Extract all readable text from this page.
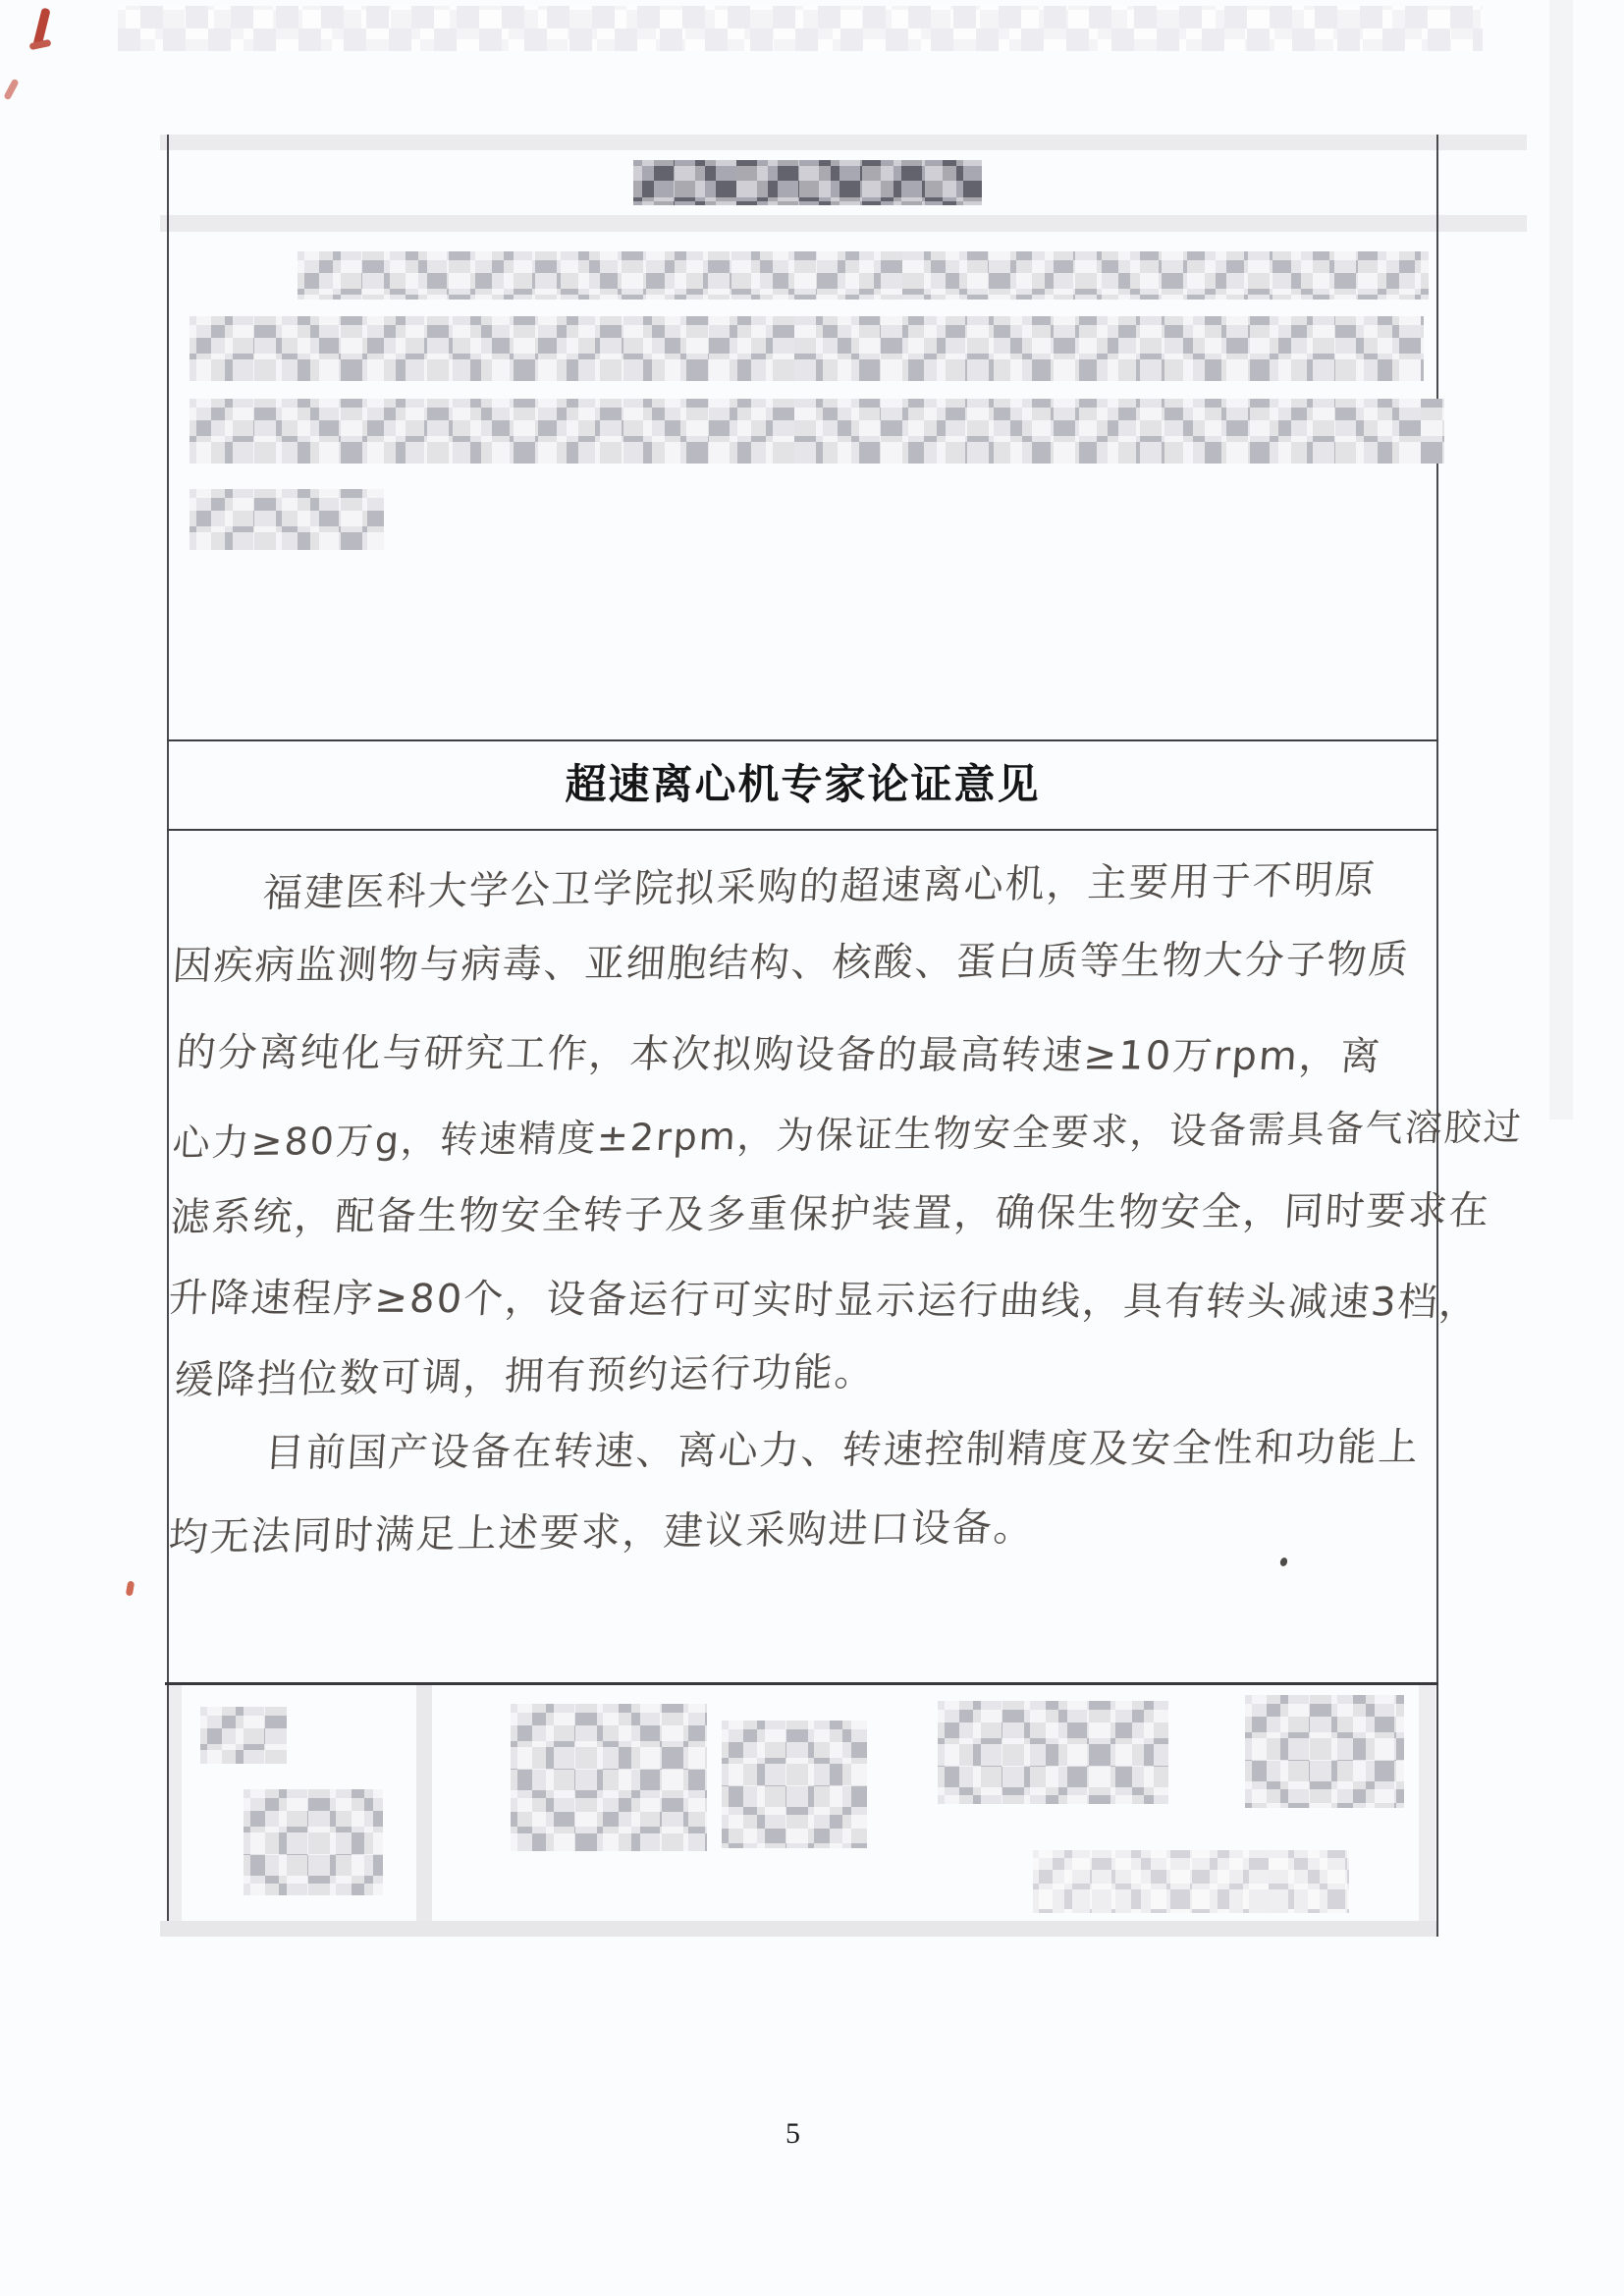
超速离心机专家论证意见
福建医科大学公卫学院拟采购的超速离心机，主要用于不明原
因疾病监测物与病毒、亚细胞结构、核酸、蛋白质等生物大分子物质
的分离纯化与研究工作，本次拟购设备的最高转速≥10万rpm，离
心力≥80万g，转速精度±2rpm，为保证生物安全要求，设备需具备气溶胶过
滤系统，配备生物安全转子及多重保护装置，确保生物安全，同时要求在
升降速程序≥80个，设备运行可实时显示运行曲线，具有转头减速3档，
缓降挡位数可调，拥有预约运行功能。
目前国产设备在转速、离心力、转速控制精度及安全性和功能上
均无法同时满足上述要求，建议采购进口设备。
5
